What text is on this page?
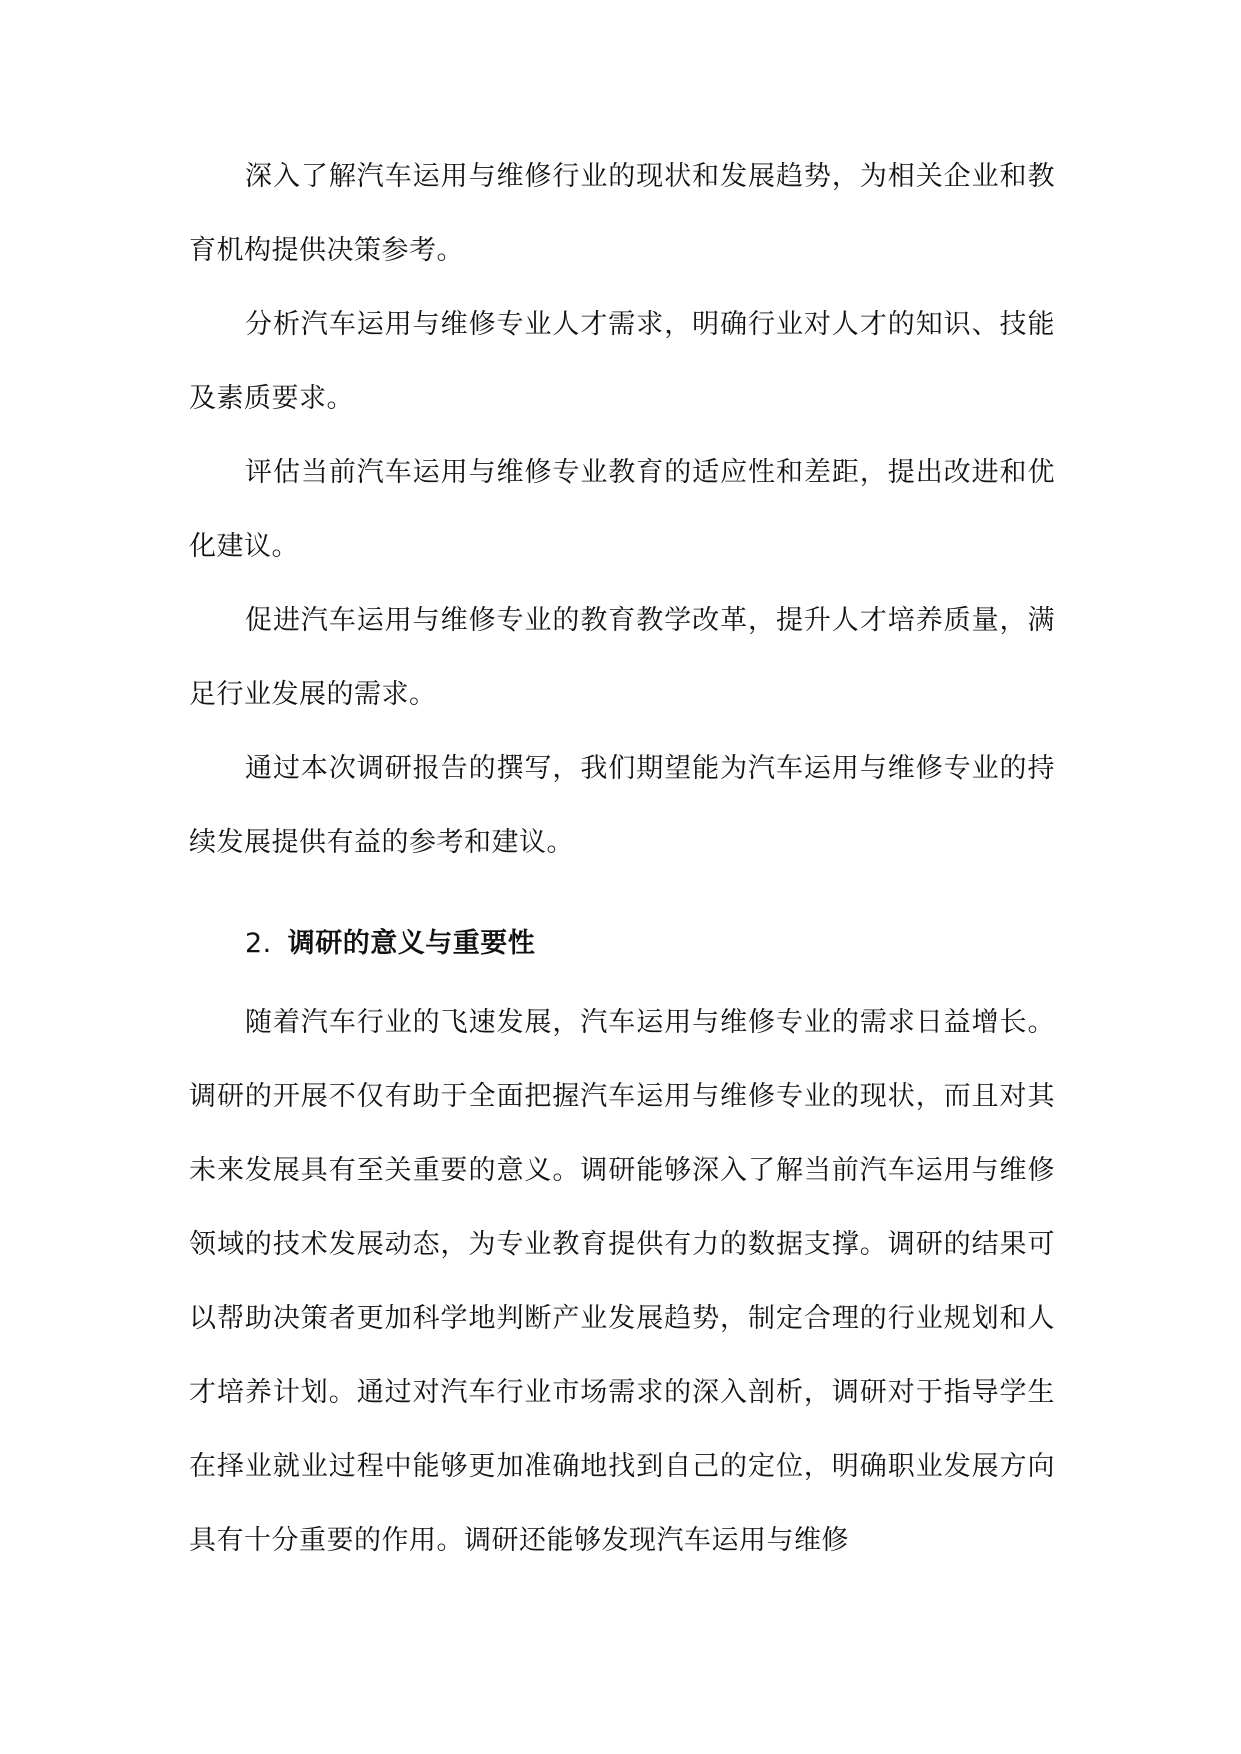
深入了解汽车运用与维修行业的现状和发展趋势，为相关企业和教育机构提供决策参考。

分析汽车运用与维修专业人才需求，明确行业对人才的知识、技能及素质要求。

评估当前汽车运用与维修专业教育的适应性和差距，提出改进和优化建议。

促进汽车运用与维修专业的教育教学改革，提升人才培养质量，满足行业发展的需求。

通过本次调研报告的撰写，我们期望能为汽车运用与维修专业的持续发展提供有益的参考和建议。

2. 调研的意义与重要性

随着汽车行业的飞速发展，汽车运用与维修专业的需求日益增长。调研的开展不仅有助于全面把握汽车运用与维修专业的现状，而且对其未来发展具有至关重要的意义。调研能够深入了解当前汽车运用与维修领域的技术发展动态，为专业教育提供有力的数据支撑。调研的结果可以帮助决策者更加科学地判断产业发展趋势，制定合理的行业规划和人才培养计划。通过对汽车行业市场需求的深入剖析，调研对于指导学生在择业就业过程中能够更加准确地找到自己的定位，明确职业发展方向具有十分重要的作用。调研还能够发现汽车运用与维修
